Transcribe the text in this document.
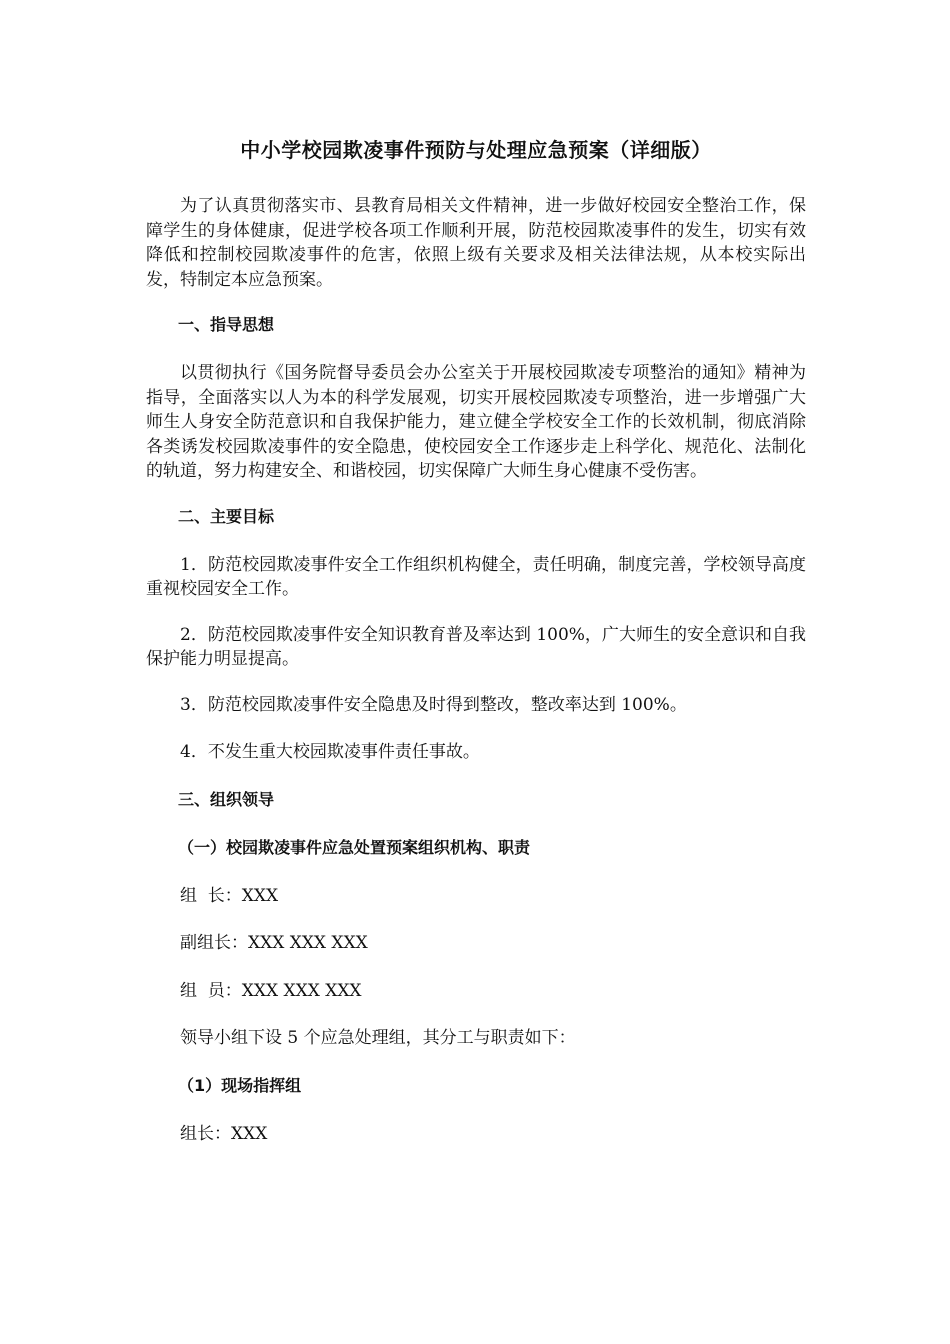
中小学校园欺凌事件预防与处理应急预案（详细版）

为了认真贯彻落实市、县教育局相关文件精神，进一步做好校园安全整治工作，保障学生的身体健康，促进学校各项工作顺利开展，防范校园欺凌事件的发生，切实有效降低和控制校园欺凌事件的危害，依照上级有关要求及相关法律法规，从本校实际出发，特制定本应急预案。

一、指导思想

以贯彻执行《国务院督导委员会办公室关于开展校园欺凌专项整治的通知》精神为指导，全面落实以人为本的科学发展观，切实开展校园欺凌专项整治，进一步增强广大师生人身安全防范意识和自我保护能力，建立健全学校安全工作的长效机制，彻底消除各类诱发校园欺凌事件的安全隐患，使校园安全工作逐步走上科学化、规范化、法制化的轨道，努力构建安全、和谐校园，切实保障广大师生身心健康不受伤害。

二、主要目标

1．防范校园欺凌事件安全工作组织机构健全，责任明确，制度完善，学校领导高度重视校园安全工作。

2．防范校园欺凌事件安全知识教育普及率达到 100%，广大师生的安全意识和自我保护能力明显提高。

3．防范校园欺凌事件安全隐患及时得到整改，整改率达到 100%。

4．不发生重大校园欺凌事件责任事故。

三、组织领导
（一）校园欺凌事件应急处置预案组织机构、职责

组  长：XXX

副组长：XXX XXX XXX

组  员：XXX XXX XXX

领导小组下设 5 个应急处理组，其分工与职责如下：

（1）现场指挥组

组长：XXX
